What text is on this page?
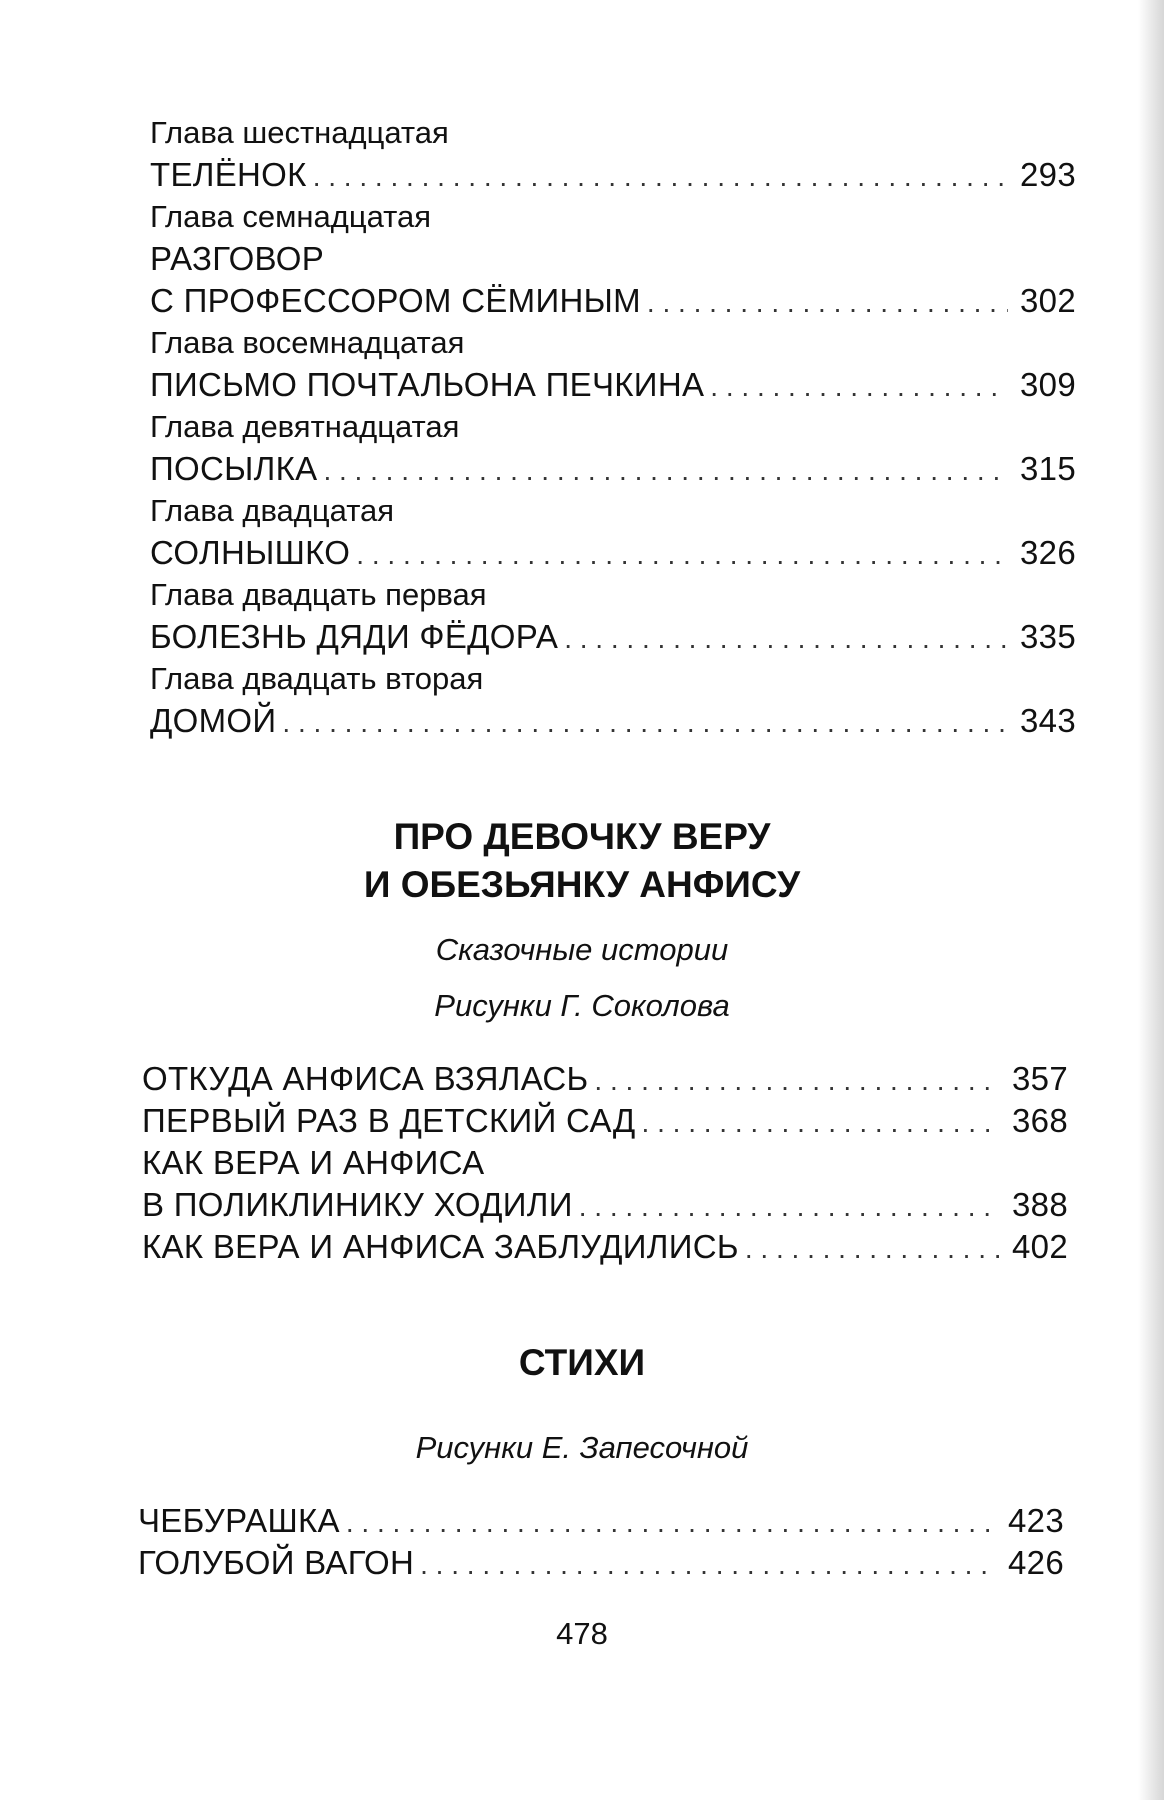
Глава шестнадцатая
ТЕЛЁНОК . . .	293
Глава семнадцатая
РАЗГОВОР
С ПРОФЕССОРОМ СЁМИНЫМ . . .	302
Глава восемнадцатая
ПИСЬМО ПОЧТАЛЬОНА ПЕЧКИНА . . .	309
Глава девятнадцатая
ПОСЫЛКА . . .	315
Глава двадцатая
СОЛНЫШКО . . .	326
Глава двадцать первая
БОЛЕЗНЬ ДЯДИ ФЁДОРА . . .	335
Глава двадцать вторая
ДОМОЙ . . .	343
ПРО ДЕВОЧКУ ВЕРУ
И ОБЕЗЬЯНКУ АНФИСУ
Сказочные истории
Рисунки Г. Соколова
ОТКУДА АНФИСА ВЗЯЛАСЬ . . .	357
ПЕРВЫЙ РАЗ В ДЕТСКИЙ САД . . .	368
КАК ВЕРА И АНФИСА
В ПОЛИКЛИНИКУ ХОДИЛИ . . .	388
КАК ВЕРА И АНФИСА ЗАБЛУДИЛИСЬ . . .	402
СТИХИ
Рисунки Е. Запесочной
ЧЕБУРАШКА . . .	423
ГОЛУБОЙ ВАГОН . . .	426
478
